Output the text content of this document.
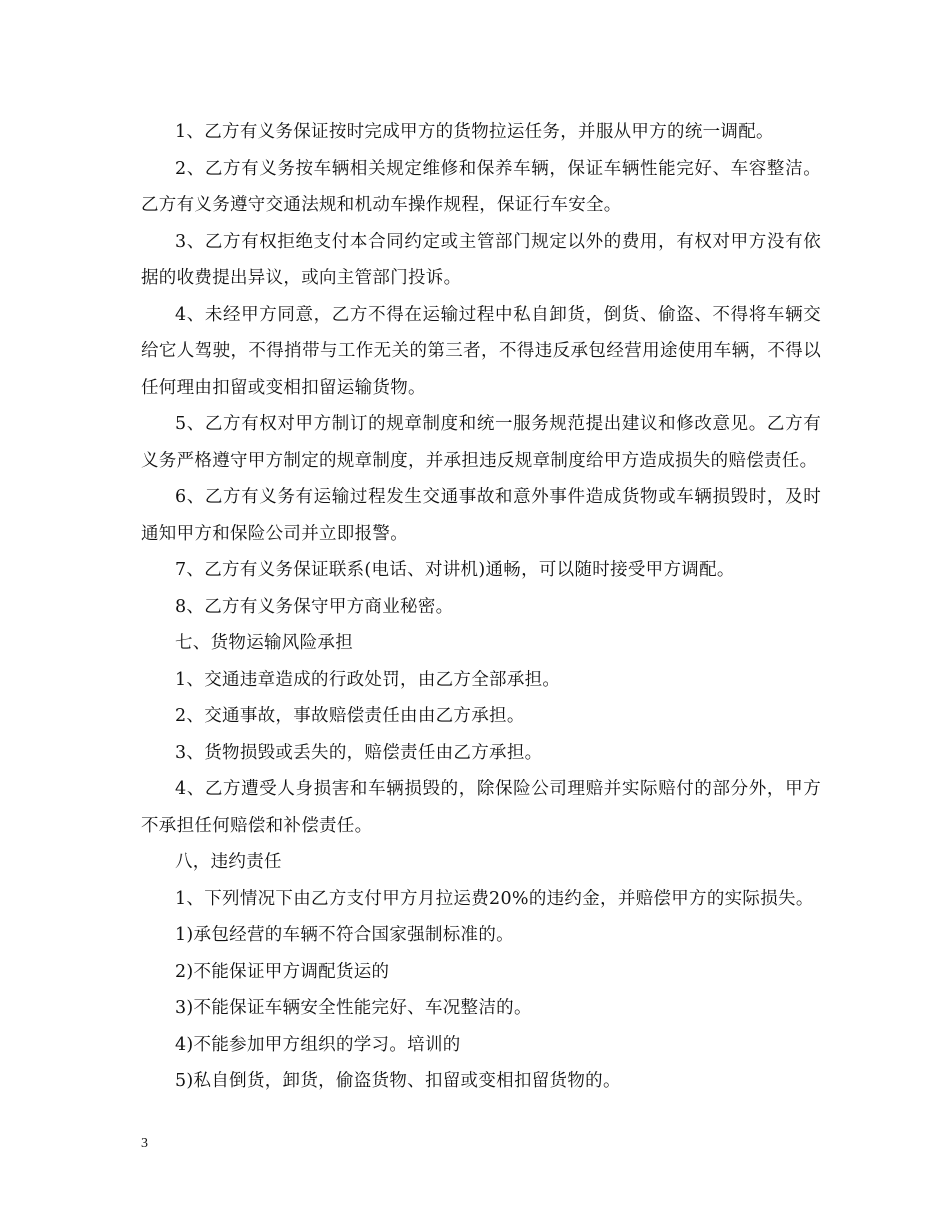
1、乙方有义务保证按时完成甲方的货物拉运任务，并服从甲方的统一调配。

2、乙方有义务按车辆相关规定维修和保养车辆，保证车辆性能完好、车容整洁。乙方有义务遵守交通法规和机动车操作规程，保证行车安全。

3、乙方有权拒绝支付本合同约定或主管部门规定以外的费用，有权对甲方没有依据的收费提出异议，或向主管部门投诉。

4、未经甲方同意，乙方不得在运输过程中私自卸货，倒货、偷盗、不得将车辆交给它人驾驶，不得捎带与工作无关的第三者，不得违反承包经营用途使用车辆，不得以任何理由扣留或变相扣留运输货物。

5、乙方有权对甲方制订的规章制度和统一服务规范提出建议和修改意见。乙方有义务严格遵守甲方制定的规章制度，并承担违反规章制度给甲方造成损失的赔偿责任。

6、乙方有义务有运输过程发生交通事故和意外事件造成货物或车辆损毁时，及时通知甲方和保险公司并立即报警。

7、乙方有义务保证联系(电话、对讲机)通畅，可以随时接受甲方调配。

8、乙方有义务保守甲方商业秘密。

七、货物运输风险承担

1、交通违章造成的行政处罚，由乙方全部承担。

2、交通事故，事故赔偿责任由由乙方承担。

3、货物损毁或丢失的，赔偿责任由乙方承担。

4、乙方遭受人身损害和车辆损毁的，除保险公司理赔并实际赔付的部分外，甲方不承担任何赔偿和补偿责任。

八，违约责任

1、下列情况下由乙方支付甲方月拉运费20%的违约金，并赔偿甲方的实际损失。

1)承包经营的车辆不符合国家强制标准的。

2)不能保证甲方调配货运的

3)不能保证车辆安全性能完好、车况整洁的。

4)不能参加甲方组织的学习。培训的

5)私自倒货，卸货，偷盗货物、扣留或变相扣留货物的。

3
